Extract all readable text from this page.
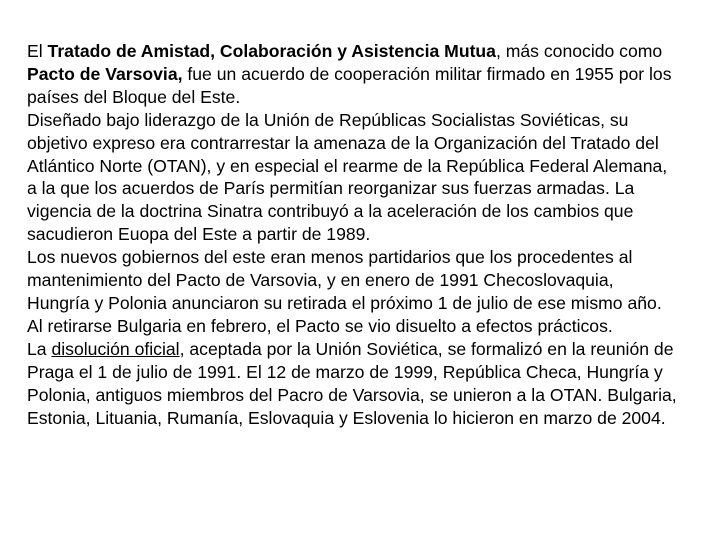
El Tratado de Amistad, Colaboración y Asistencia Mutua, más conocido como Pacto de Varsovia, fue un acuerdo de cooperación militar firmado en 1955 por los países del Bloque del Este.

Diseñado bajo liderazgo de la Unión de Repúblicas Socialistas Soviéticas, su objetivo expreso era contrarrestar la amenaza de la Organización del Tratado del Atlántico Norte (OTAN), y en especial el rearme de la República Federal Alemana, a la que los acuerdos de París permitían reorganizar sus fuerzas armadas. La vigencia de la doctrina Sinatra contribuyó a la aceleración de los cambios que sacudieron Euopa del Este a partir de 1989.

Los nuevos gobiernos del este eran menos partidarios que los procedentes al mantenimiento del Pacto de Varsovia, y en enero de 1991 Checoslovaquia, Hungría y Polonia anunciaron su retirada el próximo 1 de julio de ese mismo año. Al retirarse Bulgaria en febrero, el Pacto se vio disuelto a efectos prácticos.

La disolución oficial, aceptada por la Unión Soviética, se formalizó en la reunión de Praga el 1 de julio de 1991. El 12 de marzo de 1999, República Checa, Hungría y Polonia, antiguos miembros del Pacro de Varsovia, se unieron a la OTAN. Bulgaria, Estonia, Lituania, Rumanía, Eslovaquia y Eslovenia lo hicieron en marzo de 2004.
